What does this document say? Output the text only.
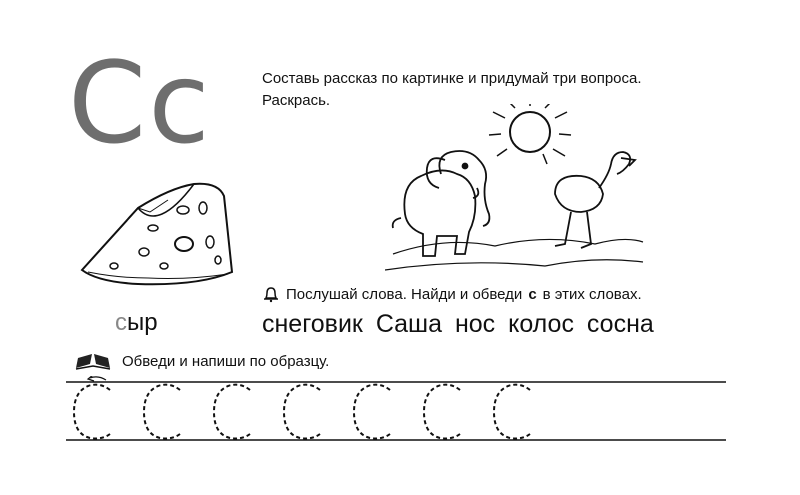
Сс	Составь рассказ по картинке и придумай три вопроса.
Раскрась.
сыр
Послушай слова. Найди и обведи с в этих словах.
снеговик Саша нос колос сосна
Обведи и напиши по образцу.
